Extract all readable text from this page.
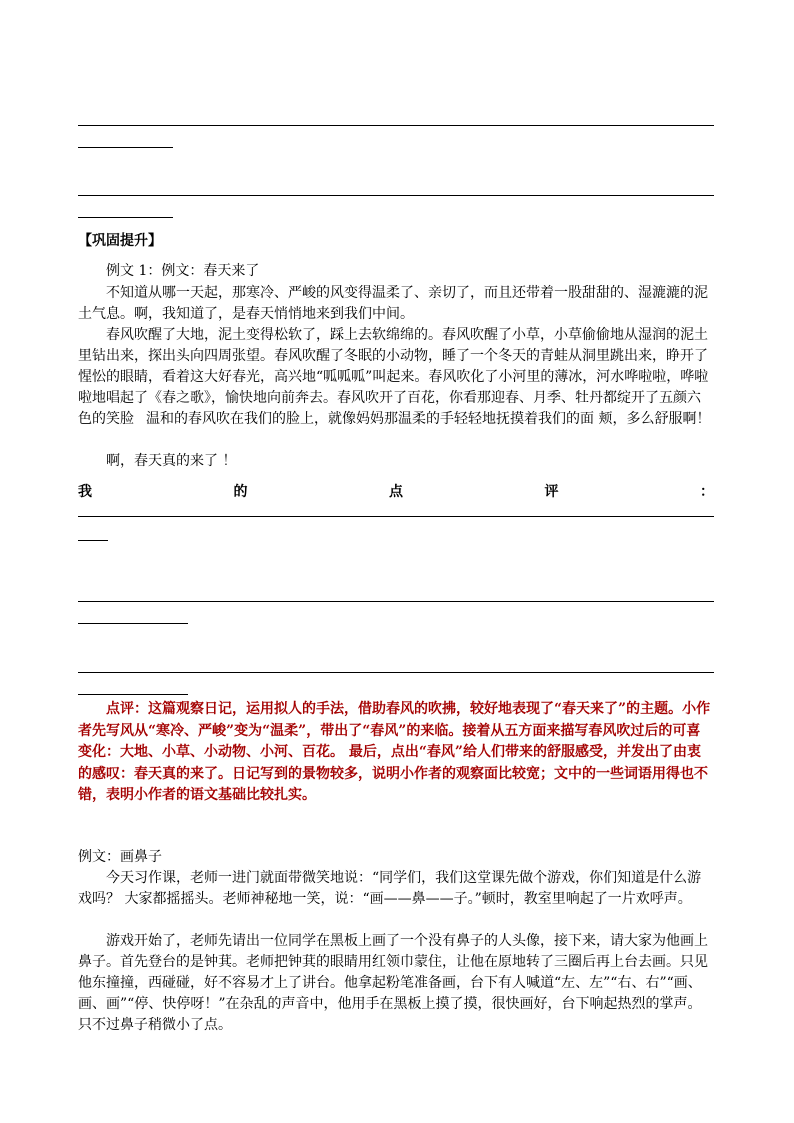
【巩固提升】

例文 1：例文：春天来了

不知道从哪一天起，那寒冷、严峻的风变得温柔了、亲切了，而且还带着一股甜甜的、湿漉漉的泥土气息。啊，我知道了，是春天悄悄地来到我们中间。

春风吹醒了大地，泥土变得松软了，踩上去软绵绵的。春风吹醒了小草，小草偷偷地从湿润的泥土里钻出来，探出头向四周张望。春风吹醒了冬眠的小动物，睡了一个冬天的青蛙从洞里跳出来，睁开了惺忪的眼睛，看着这大好春光，高兴地“呱呱呱”叫起来。春风吹化了小河里的薄冰，河水哗啦啦，哗啦啦地唱起了《春之歌》，愉快地向前奔去。春风吹开了百花，你看那迎春、月季、牡丹都绽开了五颜六色的笑脸 温和的春风吹在我们的脸上，就像妈妈那温柔的手轻轻地抚摸着我们的面 颊，多么舒服啊！

啊，春天真的来了 ！

我	的	点	评	：

点评：这篇观察日记，运用拟人的手法，借助春风的吹拂，较好地表现了“春天来了”的主题。小作者先写风从“寒冷、严峻”变为“温柔”，带出了“春风”的来临。接着从五方面来描写春风吹过后的可喜变化：大地、小草、小动物、小河、百花。 最后，点出“春风”给人们带来的舒服感受，并发出了由衷的感叹：春天真的来了。日记写到的景物较多，说明小作者的观察面比较宽；文中的一些词语用得也不 错，表明小作者的语文基础比较扎实。

例文：画鼻子

今天习作课，老师一进门就面带微笑地说：“同学们，我们这堂课先做个游戏，你们知道是什么游戏吗？ 大家都摇摇头。老师神秘地一笑，说：“画——鼻——子。”顿时，教室里响起了一片欢呼声。

游戏开始了，老师先请出一位同学在黑板上画了一个没有鼻子的人头像，接下来，请大家为他画上鼻子。首先登台的是钟萁。老师把钟萁的眼睛用红领巾蒙住，让他在原地转了三圈后再上台去画。只见他东撞撞，西碰碰，好不容易才上了讲台。他拿起粉笔准备画，台下有人喊道“左、左”“右、右”“画、画、画”“停、快停呀！”在杂乱的声音中，他用手在黑板上摸了摸，很快画好，台下响起热烈的掌声。只不过鼻子稍微小了点。
